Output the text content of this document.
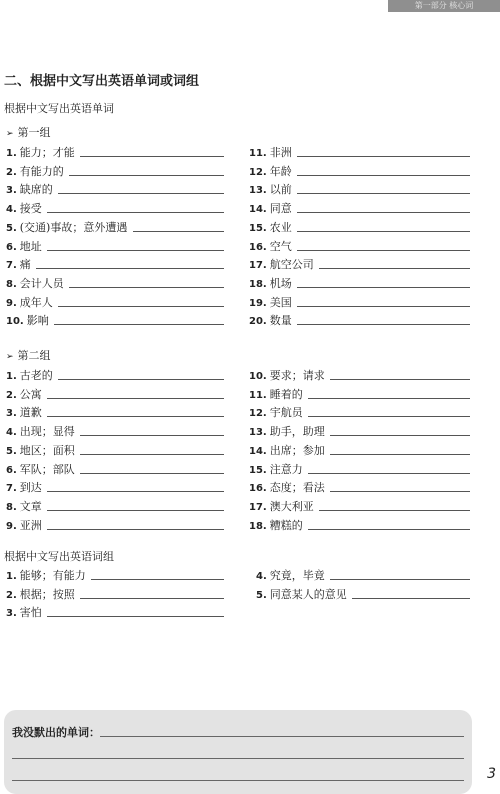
第一部分 核心词
二、根据中文写出英语单词或词组
根据中文写出英语单词
➢ 第一组
1. 能力；才能
2. 有能力的
3. 缺席的
4. 接受
5. (交通)事故；意外遭遇
6. 地址
7. 痛
8. 会计人员
9. 成年人
10. 影响
11. 非洲
12. 年龄
13. 以前
14. 同意
15. 农业
16. 空气
17. 航空公司
18. 机场
19. 美国
20. 数量
➢ 第二组
1. 古老的
2. 公寓
3. 道歉
4. 出现；显得
5. 地区；面积
6. 军队；部队
7. 到达
8. 文章
9. 亚洲
10. 要求；请求
11. 睡着的
12. 宇航员
13. 助手，助理
14. 出席；参加
15. 注意力
16. 态度；看法
17. 澳大利亚
18. 糟糕的
根据中文写出英语词组
1. 能够；有能力
2. 根据；按照
3. 害怕
4. 究竟，毕竟
5. 同意某人的意见
我没默出的单词：
3
